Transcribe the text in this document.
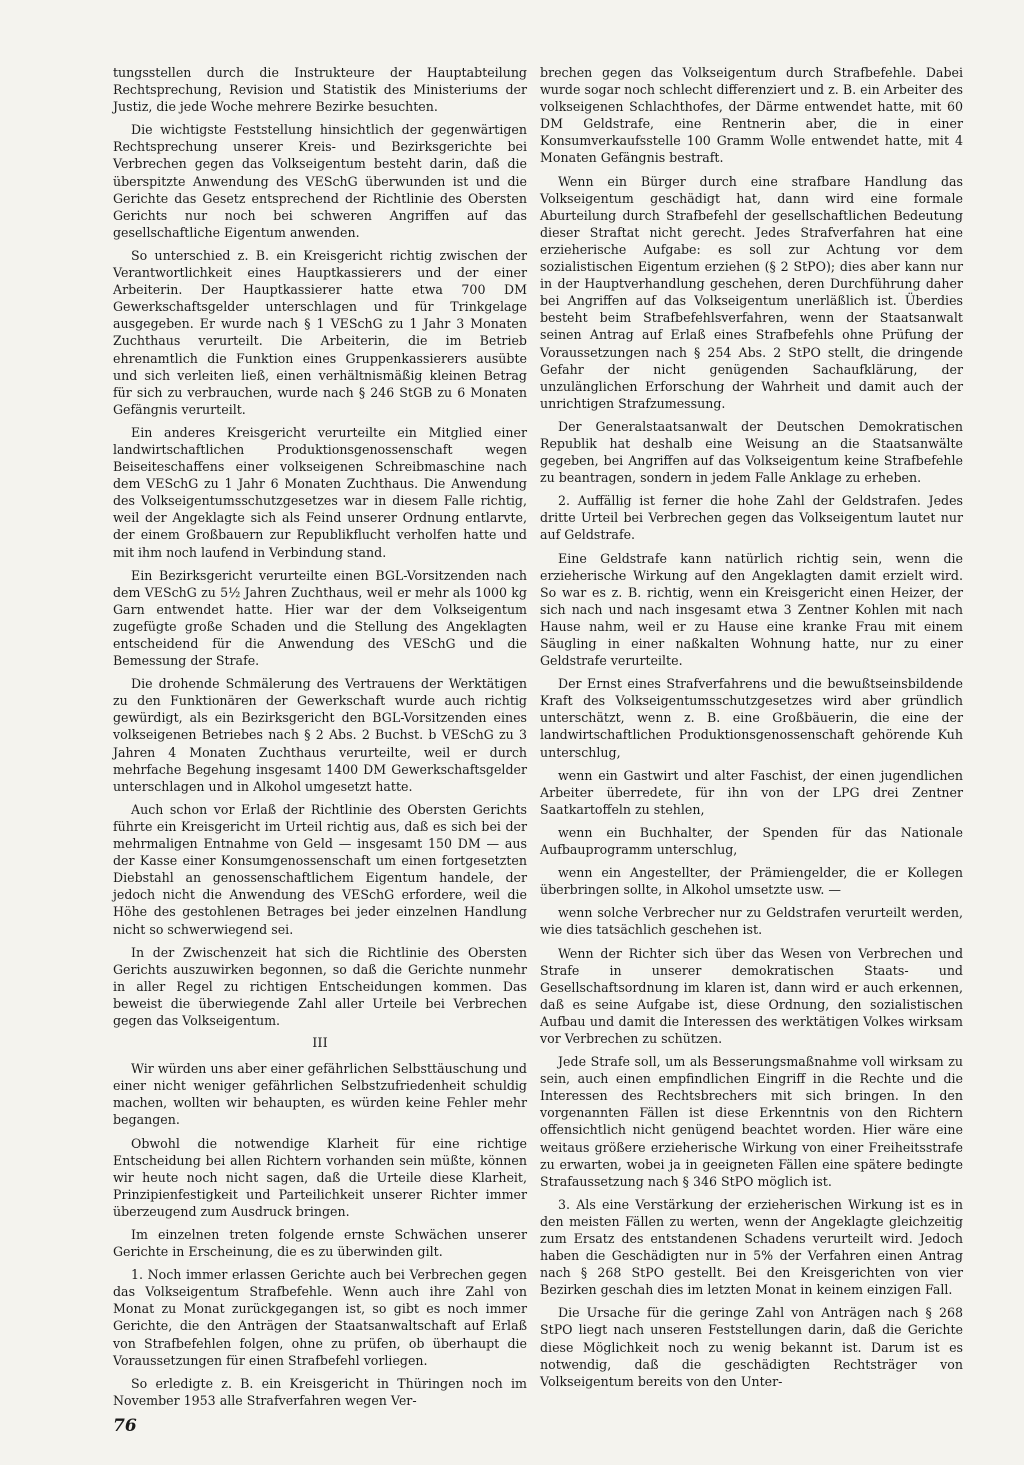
tungsstellen durch die Instrukteure der Hauptabteilung Rechtsprechung, Revision und Statistik des Ministeriums der Justiz, die jede Woche mehrere Bezirke besuchten.

Die wichtigste Feststellung hinsichtlich der gegenwärtigen Rechtsprechung unserer Kreis- und Bezirksgerichte bei Verbrechen gegen das Volkseigentum besteht darin, daß die überspitzte Anwendung des VESchG überwunden ist und die Gerichte das Gesetz entsprechend der Richtlinie des Obersten Gerichts nur noch bei schweren Angriffen auf das gesellschaftliche Eigentum anwenden.

So unterschied z. B. ein Kreisgericht richtig zwischen der Verantwortlichkeit eines Hauptkassierers und der einer Arbeiterin. Der Hauptkassierer hatte etwa 700 DM Gewerkschaftsgelder unterschlagen und für Trinkgelage ausgegeben. Er wurde nach § 1 VESchG zu 1 Jahr 3 Monaten Zuchthaus verurteilt. Die Arbeiterin, die im Betrieb ehrenamtlich die Funktion eines Gruppenkassierers ausübte und sich verleiten ließ, einen verhältnismäßig kleinen Betrag für sich zu verbrauchen, wurde nach § 246 StGB zu 6 Monaten Gefängnis verurteilt.

Ein anderes Kreisgericht verurteilte ein Mitglied einer landwirtschaftlichen Produktionsgenossenschaft wegen Beiseiteschaffens einer volkseigenen Schreibmaschine nach dem VESchG zu 1 Jahr 6 Monaten Zuchthaus. Die Anwendung des Volkseigentumsschutzgesetzes war in diesem Falle richtig, weil der Angeklagte sich als Feind unserer Ordnung entlarvte, der einem Großbauern zur Republikflucht verholfen hatte und mit ihm noch laufend in Verbindung stand.

Ein Bezirksgericht verurteilte einen BGL-Vorsitzenden nach dem VESchG zu 5½ Jahren Zuchthaus, weil er mehr als 1000 kg Garn entwendet hatte. Hier war der dem Volkseigentum zugefügte große Schaden und die Stellung des Angeklagten entscheidend für die Anwendung des VESchG und die Bemessung der Strafe.

Die drohende Schmälerung des Vertrauens der Werktätigen zu den Funktionären der Gewerkschaft wurde auch richtig gewürdigt, als ein Bezirksgericht den BGL-Vorsitzenden eines volkseigenen Betriebes nach § 2 Abs. 2 Buchst. b VESchG zu 3 Jahren 4 Monaten Zuchthaus verurteilte, weil er durch mehrfache Begehung insgesamt 1400 DM Gewerkschaftsgelder unterschlagen und in Alkohol umgesetzt hatte.

Auch schon vor Erlaß der Richtlinie des Obersten Gerichts führte ein Kreisgericht im Urteil richtig aus, daß es sich bei der mehrmaligen Entnahme von Geld — insgesamt 150 DM — aus der Kasse einer Konsumgenossenschaft um einen fortgesetzten Diebstahl an genossenschaftlichem Eigentum handele, der jedoch nicht die Anwendung des VESchG erfordere, weil die Höhe des gestohlenen Betrages bei jeder einzelnen Handlung nicht so schwerwiegend sei.

In der Zwischenzeit hat sich die Richtlinie des Obersten Gerichts auszuwirken begonnen, so daß die Gerichte nunmehr in aller Regel zu richtigen Entscheidungen kommen. Das beweist die überwiegende Zahl aller Urteile bei Verbrechen gegen das Volkseigentum.

III

Wir würden uns aber einer gefährlichen Selbsttäuschung und einer nicht weniger gefährlichen Selbstzufriedenheit schuldig machen, wollten wir behaupten, es würden keine Fehler mehr begangen.

Obwohl die notwendige Klarheit für eine richtige Entscheidung bei allen Richtern vorhanden sein müßte, können wir heute noch nicht sagen, daß die Urteile diese Klarheit, Prinzipienfestigkeit und Parteilichkeit unserer Richter immer überzeugend zum Ausdruck bringen.

Im einzelnen treten folgende ernste Schwächen unserer Gerichte in Erscheinung, die es zu überwinden gilt.

1. Noch immer erlassen Gerichte auch bei Verbrechen gegen das Volkseigentum Strafbefehle. Wenn auch ihre Zahl von Monat zu Monat zurückgegangen ist, so gibt es noch immer Gerichte, die den Anträgen der Staatsanwaltschaft auf Erlaß von Strafbefehlen folgen, ohne zu prüfen, ob überhaupt die Voraussetzungen für einen Strafbefehl vorliegen.

So erledigte z. B. ein Kreisgericht in Thüringen noch im November 1953 alle Strafverfahren wegen Ver-

brechen gegen das Volkseigentum durch Strafbefehle. Dabei wurde sogar noch schlecht differenziert und z. B. ein Arbeiter des volkseigenen Schlachthofes, der Därme entwendet hatte, mit 60 DM Geldstrafe, eine Rentnerin aber, die in einer Konsumverkaufsstelle 100 Gramm Wolle entwendet hatte, mit 4 Monaten Gefängnis bestraft.

Wenn ein Bürger durch eine strafbare Handlung das Volkseigentum geschädigt hat, dann wird eine formale Aburteilung durch Strafbefehl der gesellschaftlichen Bedeutung dieser Straftat nicht gerecht. Jedes Strafverfahren hat eine erzieherische Aufgabe: es soll zur Achtung vor dem sozialistischen Eigentum erziehen (§ 2 StPO); dies aber kann nur in der Hauptverhandlung geschehen, deren Durchführung daher bei Angriffen auf das Volkseigentum unerläßlich ist. Überdies besteht beim Strafbefehlsverfahren, wenn der Staatsanwalt seinen Antrag auf Erlaß eines Strafbefehls ohne Prüfung der Voraussetzungen nach § 254 Abs. 2 StPO stellt, die dringende Gefahr der nicht genügenden Sachaufklärung, der unzulänglichen Erforschung der Wahrheit und damit auch der unrichtigen Strafzumessung.

Der Generalstaatsanwalt der Deutschen Demokratischen Republik hat deshalb eine Weisung an die Staatsanwälte gegeben, bei Angriffen auf das Volkseigentum keine Strafbefehle zu beantragen, sondern in jedem Falle Anklage zu erheben.

2. Auffällig ist ferner die hohe Zahl der Geldstrafen. Jedes dritte Urteil bei Verbrechen gegen das Volkseigentum lautet nur auf Geldstrafe.

Eine Geldstrafe kann natürlich richtig sein, wenn die erzieherische Wirkung auf den Angeklagten damit erzielt wird. So war es z. B. richtig, wenn ein Kreisgericht einen Heizer, der sich nach und nach insgesamt etwa 3 Zentner Kohlen mit nach Hause nahm, weil er zu Hause eine kranke Frau mit einem Säugling in einer naßkalten Wohnung hatte, nur zu einer Geldstrafe verurteilte.

Der Ernst eines Strafverfahrens und die bewußtseinsbildende Kraft des Volkseigentumsschutzgesetzes wird aber gründlich unterschätzt, wenn z. B. eine Großbäuerin, die eine der landwirtschaftlichen Produktionsgenossenschaft gehörende Kuh unterschlug,

wenn ein Gastwirt und alter Faschist, der einen jugendlichen Arbeiter überredete, für ihn von der LPG drei Zentner Saatkartoffeln zu stehlen,

wenn ein Buchhalter, der Spenden für das Nationale Aufbauprogramm unterschlug,

wenn ein Angestellter, der Prämiengelder, die er Kollegen überbringen sollte, in Alkohol umsetzte usw. —

wenn solche Verbrecher nur zu Geldstrafen verurteilt werden, wie dies tatsächlich geschehen ist.

Wenn der Richter sich über das Wesen von Verbrechen und Strafe in unserer demokratischen Staats- und Gesellschaftsordnung im klaren ist, dann wird er auch erkennen, daß es seine Aufgabe ist, diese Ordnung, den sozialistischen Aufbau und damit die Interessen des werktätigen Volkes wirksam vor Verbrechen zu schützen.

Jede Strafe soll, um als Besserungsmaßnahme voll wirksam zu sein, auch einen empfindlichen Eingriff in die Rechte und die Interessen des Rechtsbrechers mit sich bringen. In den vorgenannten Fällen ist diese Erkenntnis von den Richtern offensichtlich nicht genügend beachtet worden. Hier wäre eine weitaus größere erzieherische Wirkung von einer Freiheitsstrafe zu erwarten, wobei ja in geeigneten Fällen eine spätere bedingte Strafaussetzung nach § 346 StPO möglich ist.

3. Als eine Verstärkung der erzieherischen Wirkung ist es in den meisten Fällen zu werten, wenn der Angeklagte gleichzeitig zum Ersatz des entstandenen Schadens verurteilt wird. Jedoch haben die Geschädigten nur in 5% der Verfahren einen Antrag nach § 268 StPO gestellt. Bei den Kreisgerichten von vier Bezirken geschah dies im letzten Monat in keinem einzigen Fall.

Die Ursache für die geringe Zahl von Anträgen nach § 268 StPO liegt nach unseren Feststellungen darin, daß die Gerichte diese Möglichkeit noch zu wenig bekannt ist. Darum ist es notwendig, daß die geschädigten Rechtsträger von Volkseigentum bereits von den Unter-

76
